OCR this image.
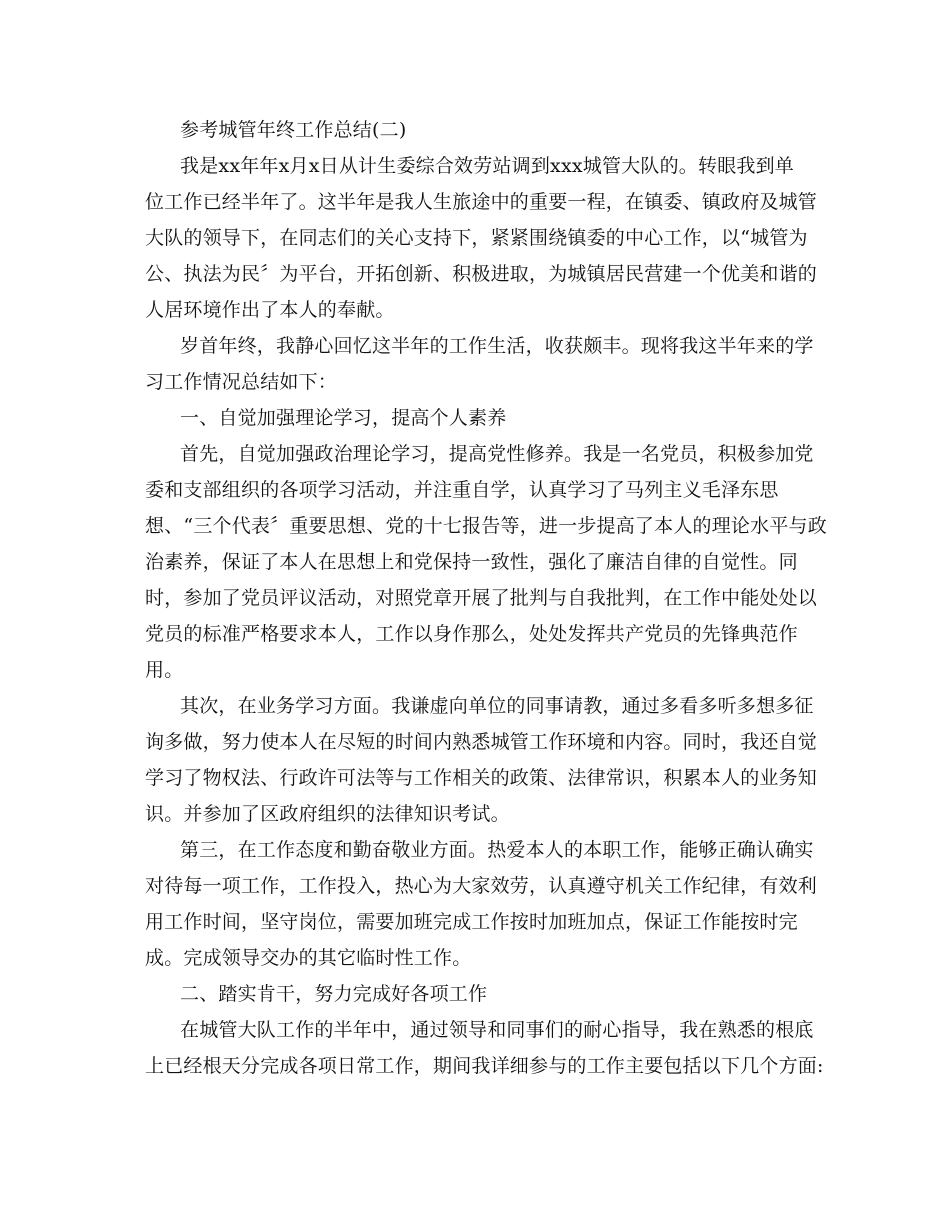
参考城管年终工作总结(二)
我是xx年年x月x日从计生委综合效劳站调到xxx城管大队的。转眼我到单
位工作已经半年了。这半年是我人生旅途中的重要一程，在镇委、镇政府及城管
大队的领导下，在同志们的关心支持下，紧紧围绕镇委的中心工作，以“城管为
公、执法为民〞为平台，开拓创新、积极进取，为城镇居民营建一个优美和谐的
人居环境作出了本人的奉献。
岁首年终，我静心回忆这半年的工作生活，收获颇丰。现将我这半年来的学
习工作情况总结如下：
一、自觉加强理论学习，提高个人素养
首先，自觉加强政治理论学习，提高党性修养。我是一名党员，积极参加党
委和支部组织的各项学习活动，并注重自学，认真学习了马列主义毛泽东思
想、“三个代表〞重要思想、党的十七报告等，进一步提高了本人的理论水平与政
治素养，保证了本人在思想上和党保持一致性，强化了廉洁自律的自觉性。同
时，参加了党员评议活动，对照党章开展了批判与自我批判，在工作中能处处以
党员的标准严格要求本人，工作以身作那么，处处发挥共产党员的先锋典范作
用。
其次，在业务学习方面。我谦虚向单位的同事请教，通过多看多听多想多征
询多做，努力使本人在尽短的时间内熟悉城管工作环境和内容。同时，我还自觉
学习了物权法、行政许可法等与工作相关的政策、法律常识，积累本人的业务知
识。并参加了区政府组织的法律知识考试。
第三，在工作态度和勤奋敬业方面。热爱本人的本职工作，能够正确认确实
对待每一项工作，工作投入，热心为大家效劳，认真遵守机关工作纪律，有效利
用工作时间，坚守岗位，需要加班完成工作按时加班加点，保证工作能按时完
成。完成领导交办的其它临时性工作。
二、踏实肯干，努力完成好各项工作
在城管大队工作的半年中，通过领导和同事们的耐心指导，我在熟悉的根底
上已经根天分完成各项日常工作，期间我详细参与的工作主要包括以下几个方面:
